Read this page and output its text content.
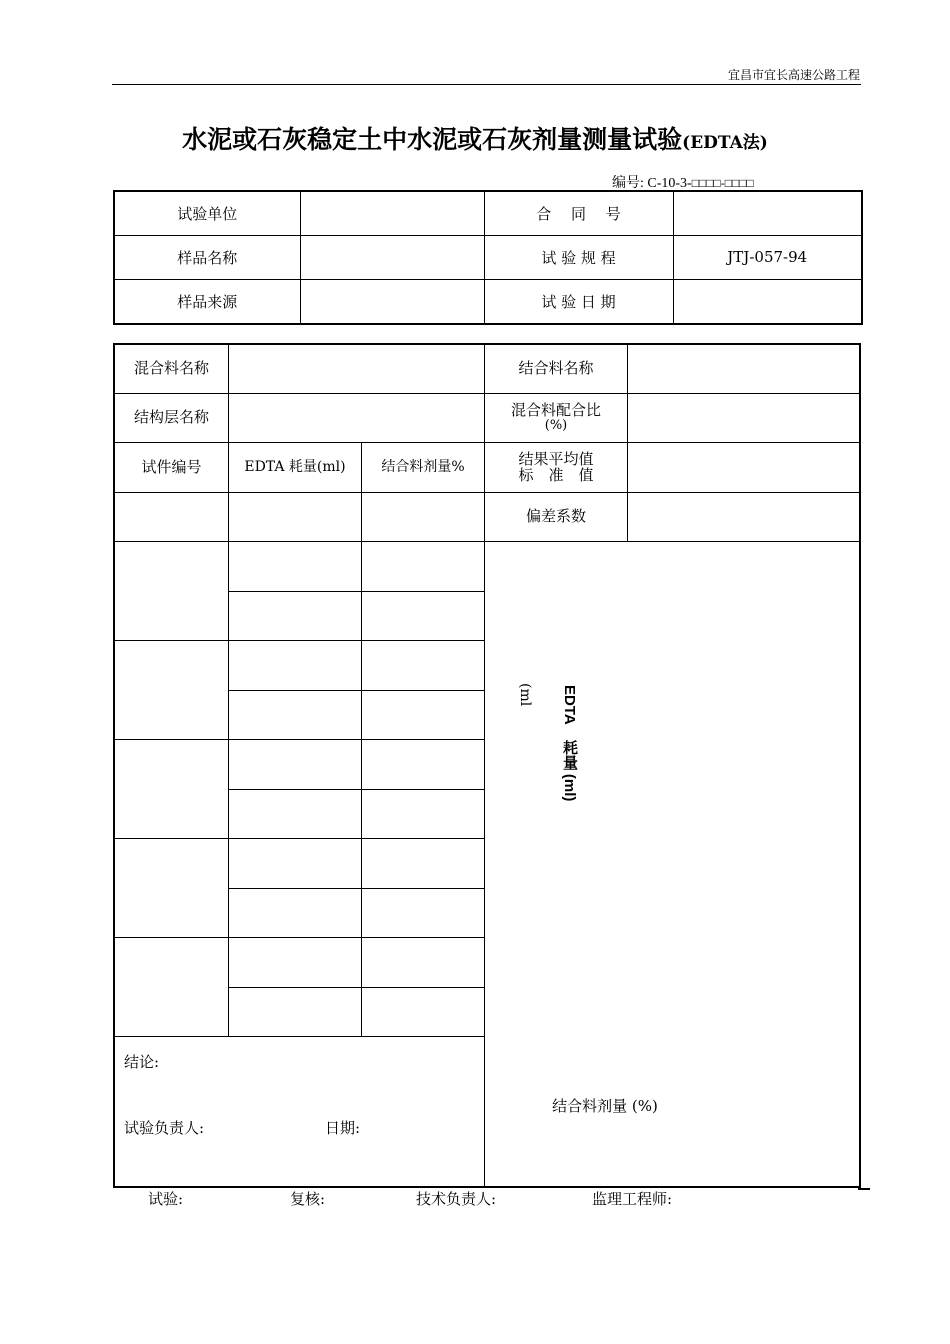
宜昌市宜长高速公路工程
水泥或石灰稳定土中水泥或石灰剂量测量试验(EDTA法)
编号: C-10-3-□□□□-□□□□
试验单位		合　 同　 号	
样品名称		试 验 规 程	JTJ-057-94
样品来源		试 验 日 期	
混合料名称	结合料名称
结构层名称	混合料配合比
(%)
试件编号	EDTA 耗量(ml)	结合料剂量%	结果平均值
标　准　值
偏差系数
EDTA　耗量 (ml)
(ml
结合料剂量 (%)
结论:
试验负责人:	日期:
试验:	复核:	技术负责人:	监理工程师:
